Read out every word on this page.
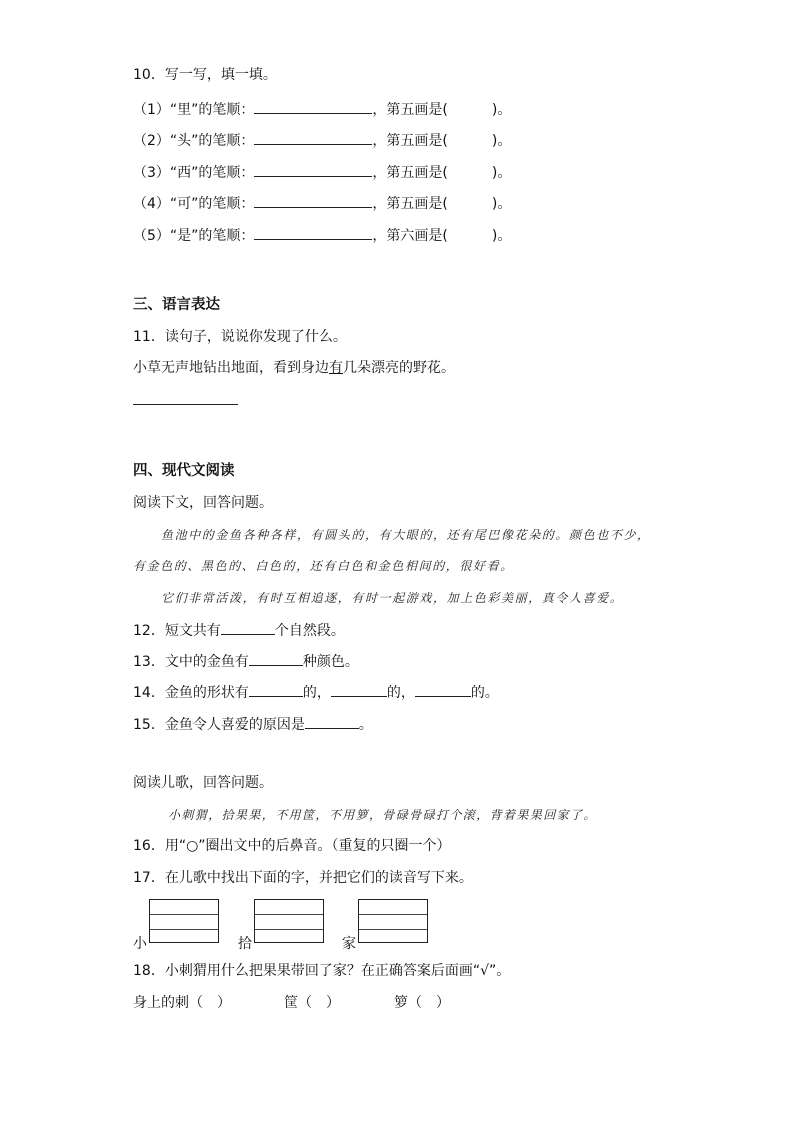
10．写一写，填一填。
（1）“里”的笔顺：	，第五画是(	)。
（2）“头”的笔顺：	，第五画是(	)。
（3）“西”的笔顺：	，第五画是(	)。
（4）“可”的笔顺：	，第五画是(	)。
（5）“是”的笔顺：	，第六画是(	)。
三、语言表达
11．读句子，说说你发现了什么。
小草无声地钻出地面，看到身边有几朵漂亮的野花。
四、现代文阅读
阅读下文，回答问题。
鱼池中的金鱼各种各样，有圆头的，有大眼的，还有尾巴像花朵的。颜色也不少，
有金色的、黑色的、白色的，还有白色和金色相间的，很好看。
它们非常活泼，有时互相追逐，有时一起游戏，加上色彩美丽，真令人喜爱。
12．短文共有	个自然段。
13．文中的金鱼有	种颜色。
14．金鱼的形状有	的，	的，	的。
15．金鱼令人喜爱的原因是	。
阅读儿歌，回答问题。
小刺猬，拾果果，不用筐，不用箩，骨碌骨碌打个滚，背着果果回家了。
16．用“○”圈出文中的后鼻音。（重复的只圈一个）
17．在儿歌中找出下面的字，并把它们的读音写下来。
小	拾	家
18．小刺猬用什么把果果带回了家？在正确答案后面画“√”。
身上的刺（　）	筐（　）	箩（　）
